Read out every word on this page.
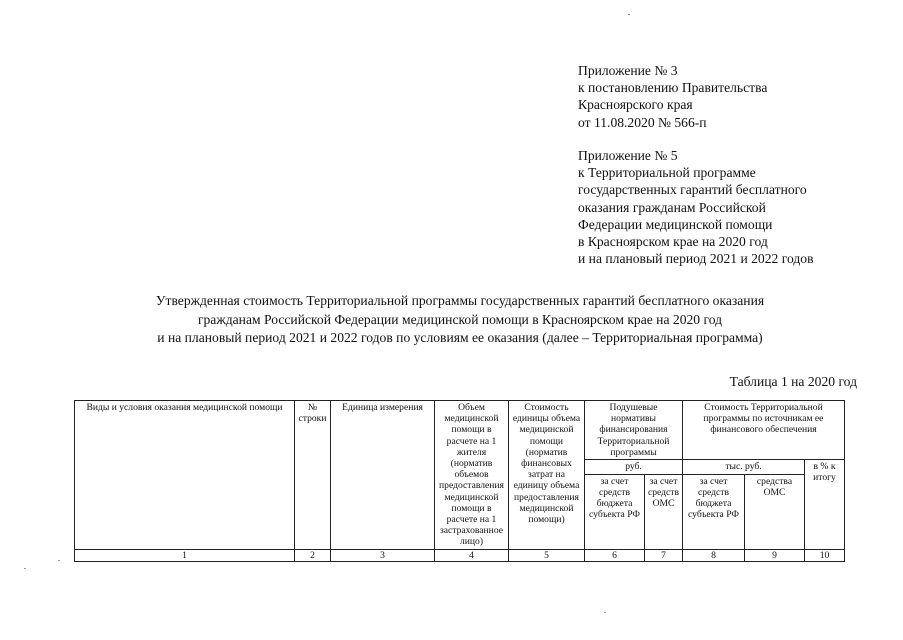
Приложение № 3
к постановлению Правительства
Красноярского края
от 11.08.2020 № 566-п
Приложение № 5
к Территориальной программе
государственных гарантий бесплатного
оказания гражданам Российской
Федерации медицинской помощи
в Красноярском крае на 2020 год
и на плановый период 2021 и 2022 годов
Утвержденная стоимость Территориальной программы государственных гарантий бесплатного оказания
гражданам Российской Федерации медицинской помощи в Красноярском крае на 2020 год
и на плановый период 2021 и 2022 годов по условиям ее оказания (далее – Территориальная программа)
Таблица 1 на 2020 год
Виды и условия оказания медицинской помощи	№ строки	Единица измерения	Объем медицинской помощи в расчете на 1 жителя (норматив объемов предоставления медицинской помощи в расчете на 1 застрахованное лицо)	Стоимость единицы объема медицинской помощи (норматив финансовых затрат на единицу объема предоставления медицинской помощи)	Подушевые нормативы финансирования Территориальной программы		Стоимость Территориальной программы по источникам ее финансового обеспечения		
					руб.		тыс. руб.		в % к итогу
					за счет средств бюджета субъекта РФ	за счет средств ОМС	за счет средств бюджета субъекта РФ	средства ОМС	
1	2	3	4	5	6	7	8	9	10
